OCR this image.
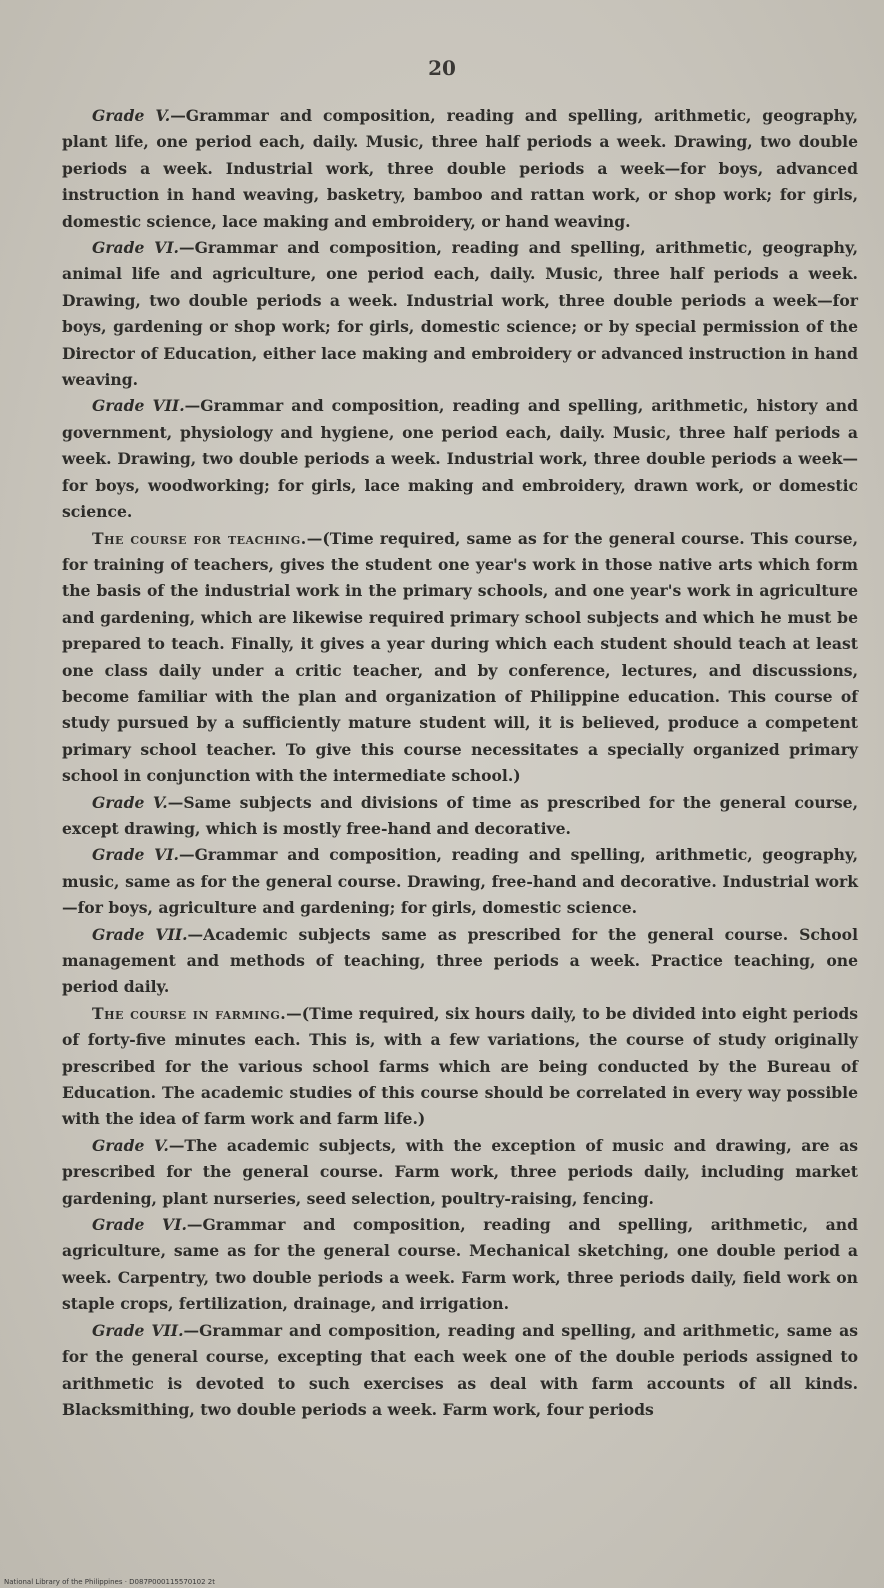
20

Grade V.—Grammar and composition, reading and spelling, arithmetic, geography, plant life, one period each, daily. Music, three half periods a week. Drawing, two double periods a week. Industrial work, three double periods a week—for boys, advanced instruction in hand weaving, basketry, bamboo and rattan work, or shop work; for girls, domestic science, lace making and embroidery, or hand weaving.

Grade VI.—Grammar and composition, reading and spelling, arithmetic, geography, animal life and agriculture, one period each, daily. Music, three half periods a week. Drawing, two double periods a week. Industrial work, three double periods a week—for boys, gardening or shop work; for girls, domestic science; or by special permission of the Director of Education, either lace making and embroidery or advanced instruction in hand weaving.

Grade VII.—Grammar and composition, reading and spelling, arithmetic, history and government, physiology and hygiene, one period each, daily. Music, three half periods a week. Drawing, two double periods a week. Industrial work, three double periods a week—for boys, woodworking; for girls, lace making and embroidery, drawn work, or domestic science.

The course for teaching.—(Time required, same as for the general course. This course, for training of teachers, gives the student one year's work in those native arts which form the basis of the industrial work in the primary schools, and one year's work in agriculture and gardening, which are likewise required primary school subjects and which he must be prepared to teach. Finally, it gives a year during which each student should teach at least one class daily under a critic teacher, and by conference, lectures, and discussions, become familiar with the plan and organization of Philippine education. This course of study pursued by a sufficiently mature student will, it is believed, produce a competent primary school teacher. To give this course necessitates a specially organized primary school in conjunction with the intermediate school.)

Grade V.—Same subjects and divisions of time as prescribed for the general course, except drawing, which is mostly free-hand and decorative.

Grade VI.—Grammar and composition, reading and spelling, arithmetic, geography, music, same as for the general course. Drawing, free-hand and decorative. Industrial work—for boys, agriculture and gardening; for girls, domestic science.

Grade VII.—Academic subjects same as prescribed for the general course. School management and methods of teaching, three periods a week. Practice teaching, one period daily.

The course in farming.—(Time required, six hours daily, to be divided into eight periods of forty-five minutes each. This is, with a few variations, the course of study originally prescribed for the various school farms which are being conducted by the Bureau of Education. The academic studies of this course should be correlated in every way possible with the idea of farm work and farm life.)

Grade V.—The academic subjects, with the exception of music and drawing, are as prescribed for the general course. Farm work, three periods daily, including market gardening, plant nurseries, seed selection, poultry-raising, fencing.

Grade VI.—Grammar and composition, reading and spelling, arithmetic, and agriculture, same as for the general course. Mechanical sketching, one double period a week. Carpentry, two double periods a week. Farm work, three periods daily, field work on staple crops, fertilization, drainage, and irrigation.

Grade VII.—Grammar and composition, reading and spelling, and arithmetic, same as for the general course, excepting that each week one of the double periods assigned to arithmetic is devoted to such exercises as deal with farm accounts of all kinds. Blacksmithing, two double periods a week. Farm work, four periods

National Library of the Philippines · D087P000115570102 2t
